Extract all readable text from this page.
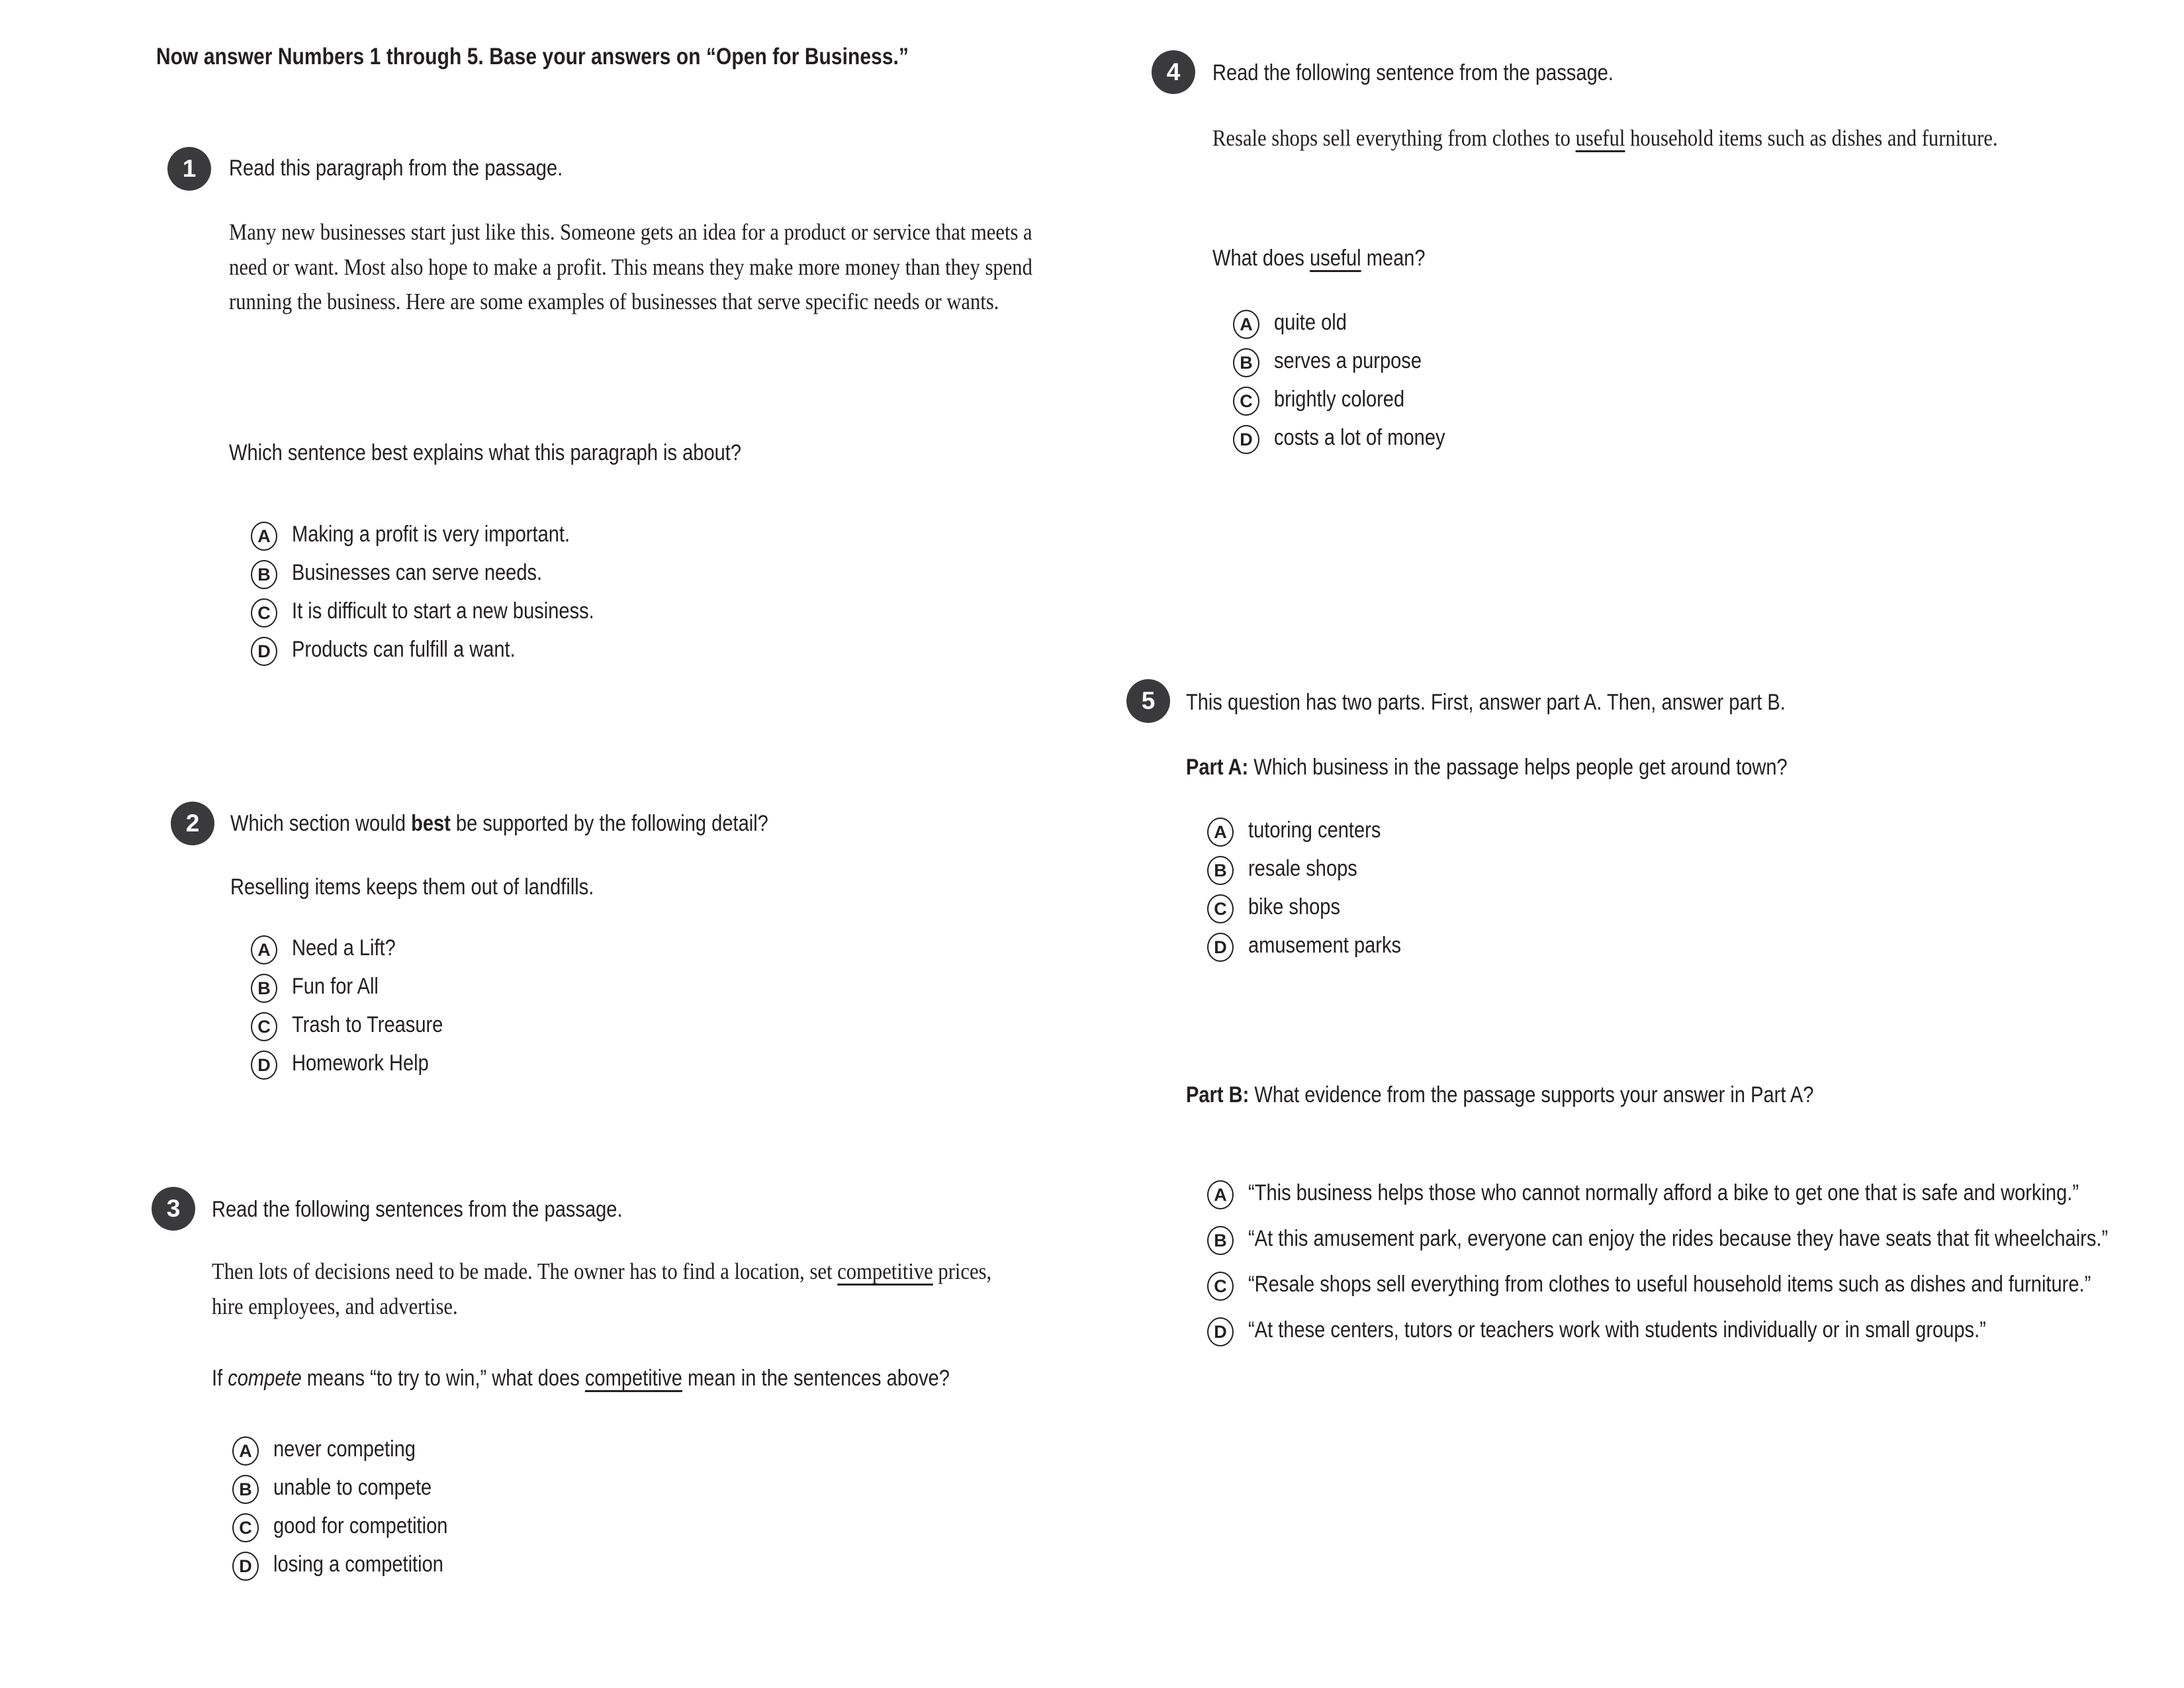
Now answer Numbers 1 through 5. Base your answers on “Open for Business.”
1	Read this paragraph from the passage.
Many new businesses start just like this. Someone gets an idea for a product or service that meets a need or want. Most also hope to make a profit. This means they make more money than they spend running the business. Here are some examples of businesses that serve specific needs or wants.
Which sentence best explains what this paragraph is about?
A Making a profit is very important.
B Businesses can serve needs.
C It is difficult to start a new business.
D Products can fulfill a want.
2	Which section would best be supported by the following detail?
Reselling items keeps them out of landfills.
A Need a Lift?
B Fun for All
C Trash to Treasure
D Homework Help
3	Read the following sentences from the passage.
Then lots of decisions need to be made. The owner has to find a location, set competitive prices, hire employees, and advertise.
If compete means “to try to win,” what does competitive mean in the sentences above?
A never competing
B unable to compete
C good for competition
D losing a competition
4	Read the following sentence from the passage.
Resale shops sell everything from clothes to useful household items such as dishes and furniture.
What does useful mean?
A quite old
B serves a purpose
C brightly colored
D costs a lot of money
5	This question has two parts. First, answer part A. Then, answer part B.
Part A: Which business in the passage helps people get around town?
A tutoring centers
B resale shops
C bike shops
D amusement parks
Part B: What evidence from the passage supports your answer in Part A?
A “This business helps those who cannot normally afford a bike to get one that is safe and working.”
B “At this amusement park, everyone can enjoy the rides because they have seats that fit wheelchairs.”
C “Resale shops sell everything from clothes to useful household items such as dishes and furniture.”
D “At these centers, tutors or teachers work with students individually or in small groups.”
